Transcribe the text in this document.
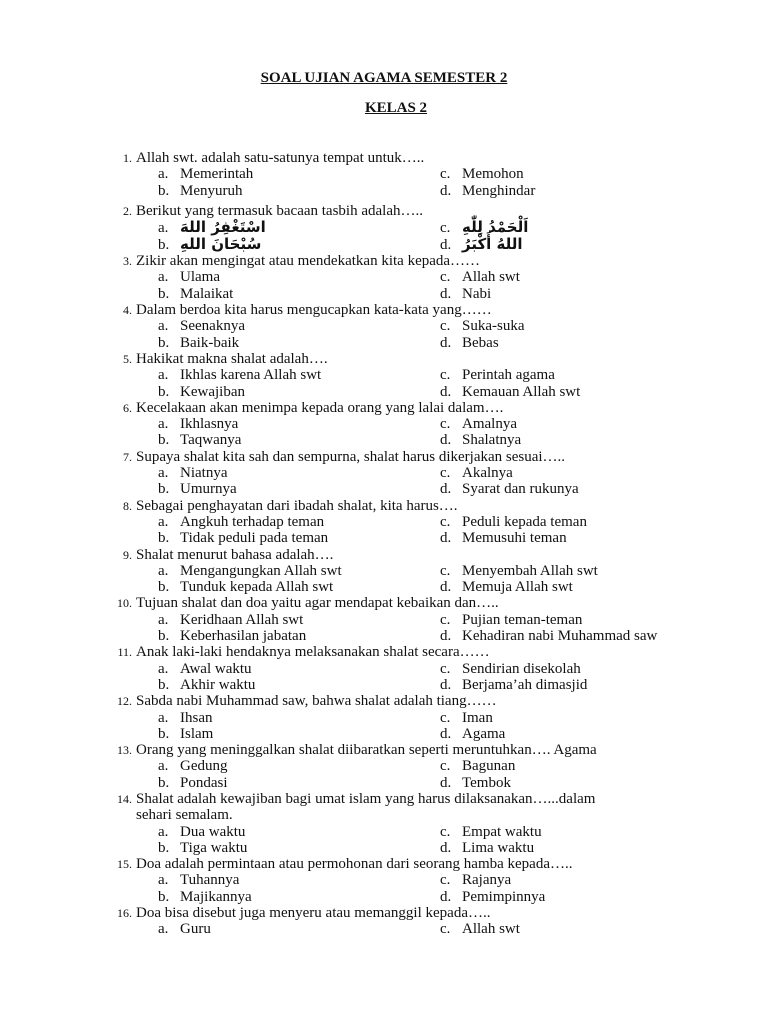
SOAL UJIAN AGAMA SEMESTER 2
KELAS 2
1. Allah swt. adalah satu-satunya tempat untuk…..
a. Memerintah	c. Memohon
b. Menyuruh	d. Menghindar
2. Berikut yang termasuk bacaan tasbih adalah…..
a. اسْتَغْفِرُ اللهَ	c. اَلْحَمْدُ لِلّٰهِ
b. سُبْحَانَ اللهِ	d. اللهُ أَكْبَرُ
3. Zikir akan mengingat atau mendekatkan kita kepada……
a. Ulama	c. Allah swt
b. Malaikat	d. Nabi
4. Dalam berdoa kita harus mengucapkan kata-kata yang……
a. Seenaknya	c. Suka-suka
b. Baik-baik	d. Bebas
5. Hakikat makna shalat adalah….
a. Ikhlas karena Allah swt	c. Perintah agama
b. Kewajiban	d. Kemauan Allah swt
6. Kecelakaan akan menimpa kepada orang yang lalai dalam….
a. Ikhlasnya	c. Amalnya
b. Taqwanya	d. Shalatnya
7. Supaya shalat kita sah dan sempurna, shalat harus dikerjakan sesuai…..
a. Niatnya	c. Akalnya
b. Umurnya	d. Syarat dan rukunya
8. Sebagai penghayatan dari ibadah shalat, kita harus….
a. Angkuh terhadap teman	c. Peduli kepada teman
b. Tidak peduli pada teman	d. Memusuhi teman
9. Shalat menurut bahasa adalah….
a. Mengangungkan Allah swt	c. Menyembah Allah swt
b. Tunduk kepada Allah swt	d. Memuja Allah swt
10. Tujuan shalat dan doa yaitu agar mendapat kebaikan dan…..
a. Keridhaan Allah swt	c. Pujian teman-teman
b. Keberhasilan jabatan	d. Kehadiran nabi Muhammad saw
11. Anak laki-laki hendaknya melaksanakan shalat secara……
a. Awal waktu	c. Sendirian disekolah
b. Akhir waktu	d. Berjama’ah dimasjid
12. Sabda nabi Muhammad saw, bahwa shalat adalah tiang……
a. Ihsan	c. Iman
b. Islam	d. Agama
13. Orang yang meninggalkan shalat diibaratkan seperti meruntuhkan…. Agama
a. Gedung	c. Bagunan
b. Pondasi	d. Tembok
14. Shalat adalah kewajiban bagi umat islam yang harus dilaksanakan…...dalam
sehari semalam.
a. Dua waktu	c. Empat waktu
b. Tiga waktu	d. Lima waktu
15. Doa adalah permintaan atau permohonan dari seorang hamba kepada…..
a. Tuhannya	c. Rajanya
b. Majikannya	d. Pemimpinnya
16. Doa bisa disebut juga menyeru atau memanggil kepada…..
a. Guru	c. Allah swt
